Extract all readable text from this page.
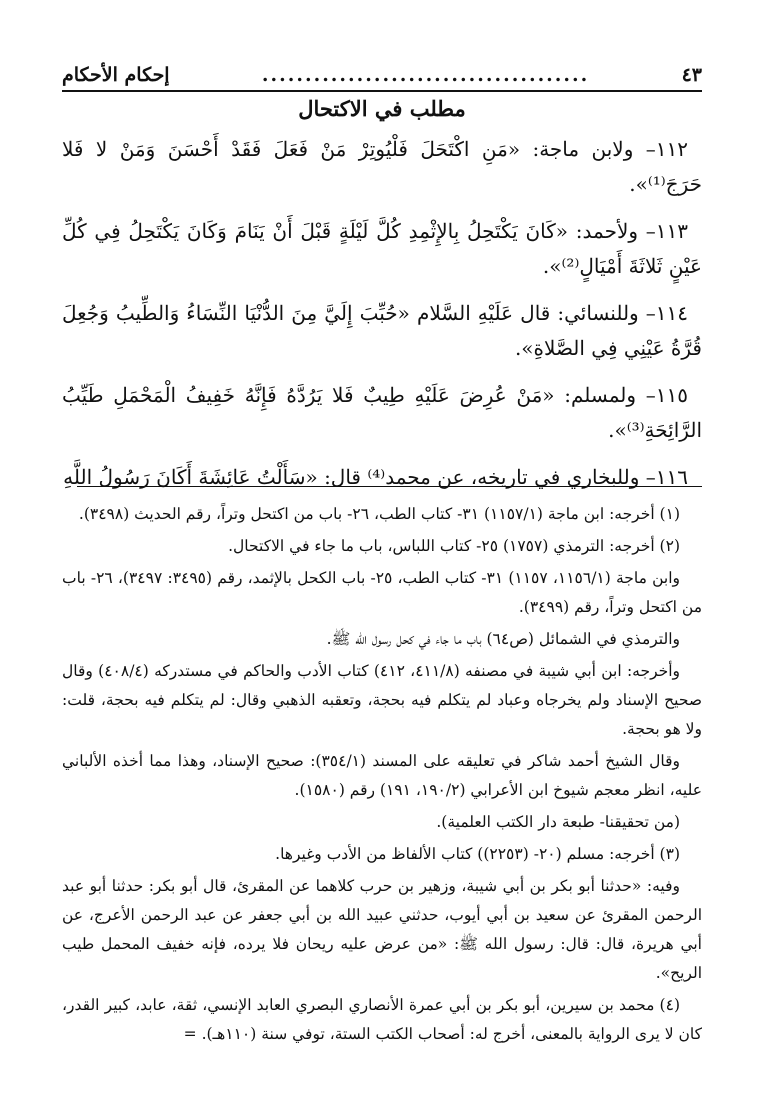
٤٣
......................................
إحكام الأحكام
مطلب في الاكتحال

١١٢– ولابن ماجة: «مَنِ اكْتَحَلَ فَلْيُوتِرْ مَنْ فَعَلَ فَقَدْ أَحْسَنَ وَمَنْ لا فَلا حَرَجَ⁽¹⁾».

١١٣– ولأحمد: «كَانَ يَكْتَحِلُ بِالإِثْمِدِ كُلَّ لَيْلَةٍ قَبْلَ أَنْ يَنَامَ وَكَانَ يَكْتَحِلُ فِي كُلِّ عَيْنٍ ثَلاثَةَ أَمْيَالٍ⁽²⁾».

١١٤– وللنسائي: قال عَلَيْهِ السَّلام «حُبِّبَ إِلَيَّ مِنَ الدُّنْيَا النِّسَاءُ وَالطِّيبُ وَجُعِلَ قُرَّةُ عَيْنِي فِي الصَّلاةِ».

١١٥– ولمسلم: «مَنْ عُرِضَ عَلَيْهِ طِيبٌ فَلا يَرُدَّهُ فَإِنَّهُ خَفِيفُ الْمَحْمَلِ طَيِّبُ الرَّائِحَةِ⁽³⁾».

١١٦– وللبخاري في تاريخه، عن محمد⁽⁴⁾ قال: «سَأَلْتُ عَائِشَةَ أَكَانَ رَسُولُ اللَّهِ

(١) أخرجه: ابن ماجة (١١٥٧/١) ٣١- كتاب الطب، ٢٦- باب من اكتحل وتراً، رقم الحديث (٣٤٩٨).

(٢) أخرجه: الترمذي (١٧٥٧) ٢٥- كتاب اللباس، باب ما جاء في الاكتحال.

وابن ماجة (١١٥٦/١، ١١٥٧) ٣١- كتاب الطب، ٢٥- باب الكحل بالإثمد، رقم (٣٤٩٥: ٣٤٩٧)، ٢٦- باب من اكتحل وتراً، رقم (٣٤٩٩).

والترمذي في الشمائل (ص٦٤) باب ما جاء في كحل رسول الله ﷺ.

وأخرجه: ابن أبي شيبة في مصنفه (٤١١/٨، ٤١٢) كتاب الأدب والحاكم في مستدركه (٤٠٨/٤) وقال صحيح الإسناد ولم يخرجاه وعباد لم يتكلم فيه بحجة، وتعقبه الذهبي وقال: لم يتكلم فيه بحجة، قلت: ولا هو بحجة.

وقال الشيخ أحمد شاكر في تعليقه على المسند (٣٥٤/١): صحيح الإسناد، وهذا مما أخذه الألباني عليه، انظر معجم شيوخ ابن الأعرابي (١٩٠/٢، ١٩١) رقم (١٥٨٠).

(من تحقيقنا- طبعة دار الكتب العلمية).

(٣) أخرجه: مسلم (٢٠- (٢٢٥٣)) كتاب الألفاظ من الأدب وغيرها.

وفيه: «حدثنا أبو بكر بن أبي شيبة، وزهير بن حرب كلاهما عن المقرئ، قال أبو بكر: حدثنا أبو عبد الرحمن المقرئ عن سعيد بن أبي أيوب، حدثني عبيد الله بن أبي جعفر عن عبد الرحمن الأعرج، عن أبي هريرة، قال: قال: رسول الله ﷺ: «من عرض عليه ريحان فلا يرده، فإنه خفيف المحمل طيب الريح».

(٤) محمد بن سيرين، أبو بكر بن أبي عمرة الأنصاري البصري العابد الإنسي، ثقة، عابد، كبير القدر، كان لا يرى الرواية بالمعنى، أخرج له: أصحاب الكتب الستة، توفي سنة (١١٠هـ). =
